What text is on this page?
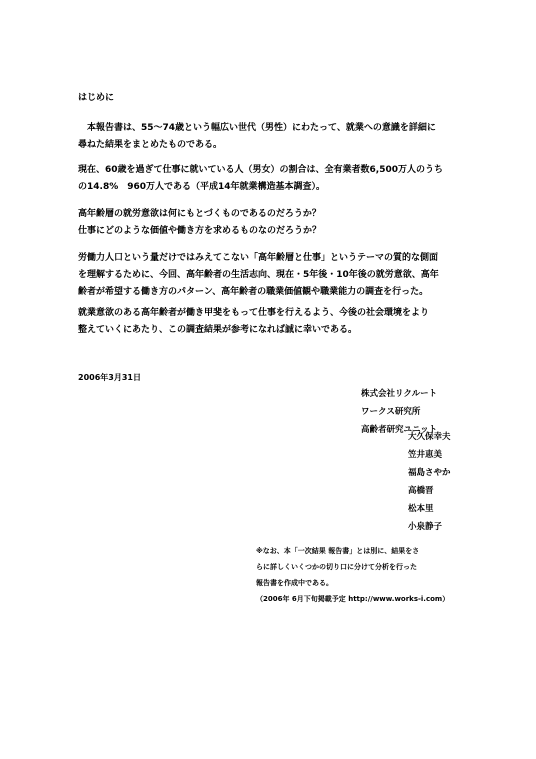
はじめに
　本報告書は、55～74歳という幅広い世代（男性）にわたって、就業への意識を詳細に
尋ねた結果をまとめたものである。
現在、60歳を過ぎて仕事に就いている人（男女）の割合は、全有業者数6,500万人のうち
の14.8%　960万人である（平成14年就業構造基本調査）。
高年齢層の就労意欲は何にもとづくものであるのだろうか？
仕事にどのような価値や働き方を求めるものなのだろうか？
労働力人口という量だけではみえてこない「高年齢層と仕事」というテーマの質的な側面
を理解するために、今回、高年齢者の生活志向、現在・5年後・10年後の就労意欲、高年
齢者が希望する働き方のパターン、高年齢者の職業価値観や職業能力の調査を行った。
就業意欲のある高年齢者が働き甲斐をもって仕事を行えるよう、今後の社会環境をより
整えていくにあたり、この調査結果が参考になれば誠に幸いである。
2006年3月31日
株式会社リクルート
ワークス研究所
高齢者研究ユニット
大久保幸夫
笠井恵美
福島さやか
高橋晋
松本里
小泉静子
※なお、本「一次結果 報告書」とは別に、結果をさ
らに詳しくいくつかの切り口に分けて分析を行った
報告書を作成中である。
（2006年 6月下旬掲載予定 http://www.works-i.com）
